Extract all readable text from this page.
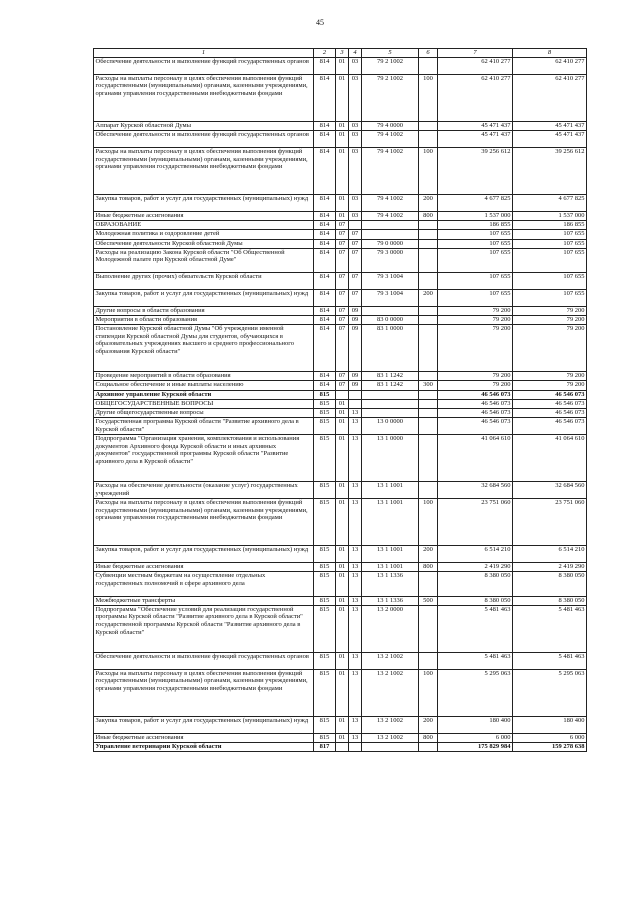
45
1	2	3	4	5	6	7	8
Обеспечение деятельности и выполнение функций государственных органов	814	01	03	79 2 1002		62 410 277	62 410 277
Расходы на выплаты персоналу в целях обеспечения выполнения функций государственными (муниципальными) органами, казенными учреждениями, органами управления государственными внебюджетными фондами	814	01	03	79 2 1002	100	62 410 277	62 410 277
Аппарат Курской областной Думы	814	01	03	79 4 0000		45 471 437	45 471 437
Обеспечение деятельности и выполнение функций государственных органов	814	01	03	79 4 1002		45 471 437	45 471 437
Расходы на выплаты персоналу в целях обеспечения выполнения функций государственными (муниципальными) органами, казенными учреждениями, органами управления государственными внебюджетными фондами	814	01	03	79 4 1002	100	39 256 612	39 256 612
Закупка товаров, работ и услуг для государственных (муниципальных) нужд	814	01	03	79 4 1002	200	4 677 825	4 677 825
Иные бюджетные ассигнования	814	01	03	79 4 1002	800	1 537 000	1 537 000
ОБРАЗОВАНИЕ	814	07				186 855	186 855
Молодежная политика и оздоровление детей	814	07	07			107 655	107 655
Обеспечение деятельности Курской областной Думы	814	07	07	79 0 0000		107 655	107 655
Расходы на реализацию Закона Курской области "Об Общественной Молодежной палате при Курской областной Думе"	814	07	07	79 3 0000		107 655	107 655
Выполнение других (прочих) обязательств Курской области	814	07	07	79 3 1004		107 655	107 655
Закупка товаров, работ и услуг для государственных (муниципальных) нужд	814	07	07	79 3 1004	200	107 655	107 655
Другие вопросы в области образования	814	07	09			79 200	79 200
Мероприятия в области образования	814	07	09	83 0 0000		79 200	79 200
Постановление Курской областной Думы "Об учреждении именной стипендии Курской областной Думы для студентов, обучающихся в образовательных учреждениях высшего и среднего профессионального образования Курской области"	814	07	09	83 1 0000		79 200	79 200
Проведение мероприятий в области образования	814	07	09	83 1 1242		79 200	79 200
Социальное обеспечение и иные выплаты населению	814	07	09	83 1 1242	300	79 200	79 200
Архивное управление Курской области	815					46 546 073	46 546 073
ОБЩЕГОСУДАРСТВЕННЫЕ ВОПРОСЫ	815	01				46 546 073	46 546 073
Другие общегосударственные вопросы	815	01	13			46 546 073	46 546 073
Государственная программа Курской области "Развитие архивного дела в Курской области"	815	01	13	13 0 0000		46 546 073	46 546 073
Подпрограмма "Организация хранения, комплектования и использования документов Архивного фонда Курской области и иных архивных документов" государственной программы Курской области "Развитие архивного дела в Курской области"	815	01	13	13 1 0000		41 064 610	41 064 610
Расходы на обеспечение деятельности (оказание услуг) государственных учреждений	815	01	13	13 1 1001		32 684 560	32 684 560
Расходы на выплаты персоналу в целях обеспечения выполнения функций государственными (муниципальными) органами, казенными учреждениями, органами управления государственными внебюджетными фондами	815	01	13	13 1 1001	100	23 751 060	23 751 060
Закупка товаров, работ и услуг для государственных (муниципальных) нужд	815	01	13	13 1 1001	200	6 514 210	6 514 210
Иные бюджетные ассигнования	815	01	13	13 1 1001	800	2 419 290	2 419 290
Субвенции местным бюджетам на осуществление отдельных государственных полномочий в сфере архивного дела	815	01	13	13 1 1336		8 380 050	8 380 050
Межбюджетные трансферты	815	01	13	13 1 1336	500	8 380 050	8 380 050
Подпрограмма "Обеспечение условий для реализации государственной программы Курской области "Развитие архивного дела в Курской области" государственной программы Курской области "Развитие архивного дела в Курской области"	815	01	13	13 2 0000		5 481 463	5 481 463
Обеспечение деятельности и выполнение функций государственных органов	815	01	13	13 2 1002		5 481 463	5 481 463
Расходы на выплаты персоналу в целях обеспечения выполнения функций государственными (муниципальными) органами, казенными учреждениями, органами управления государственными внебюджетными фондами	815	01	13	13 2 1002	100	5 295 063	5 295 063
Закупка товаров, работ и услуг для государственных (муниципальных) нужд	815	01	13	13 2 1002	200	180 400	180 400
Иные бюджетные ассигнования	815	01	13	13 2 1002	800	6 000	6 000
Управление ветеринарии Курской области	817					175 829 984	159 278 638
